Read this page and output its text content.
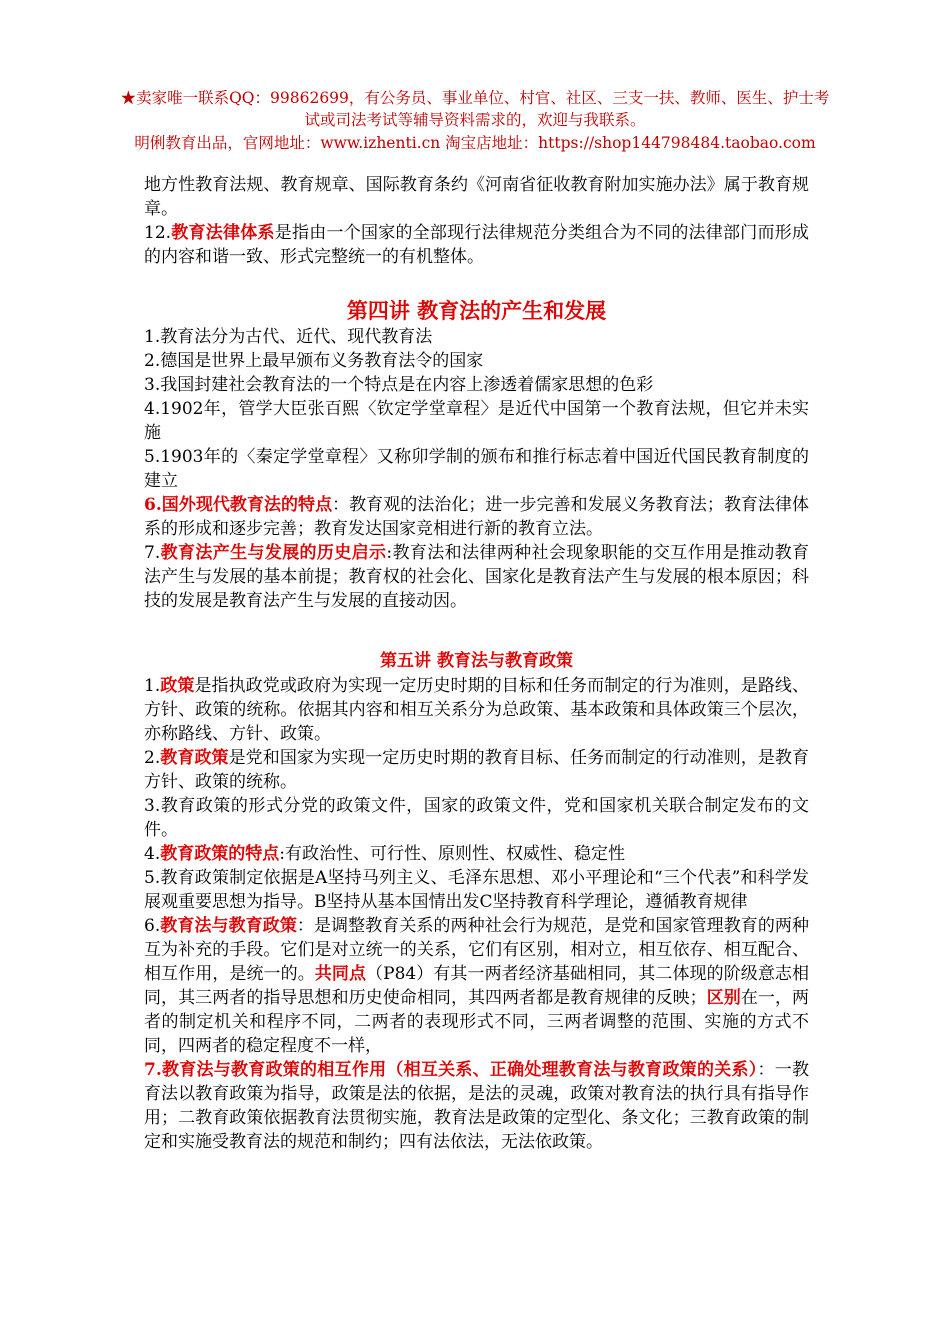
★卖家唯一联系QQ：99862699，有公务员、事业单位、村官、社区、三支一扶、教师、医生、护士考试或司法考试等辅导资料需求的，欢迎与我联系。
明俐教育出品，官网地址：www.izhenti.cn 淘宝店地址：https://shop144798484.taobao.com

地方性教育法规、教育规章、国际教育条约《河南省征收教育附加实施办法》属于教育规章。

12.教育法律体系是指由一个国家的全部现行法律规范分类组合为不同的法律部门而形成的内容和谐一致、形式完整统一的有机整体。

第四讲 教育法的产生和发展

1.教育法分为古代、近代、现代教育法

2.德国是世界上最早颁布义务教育法令的国家

3.我国封建社会教育法的一个特点是在内容上渗透着儒家思想的色彩

4.1902年，管学大臣张百熙〈钦定学堂章程〉是近代中国第一个教育法规，但它并未实施

5.1903年的〈秦定学堂章程〉又称卯学制的颁布和推行标志着中国近代国民教育制度的建立

6.国外现代教育法的特点：教育观的法治化；进一步完善和发展义务教育法；教育法律体系的形成和逐步完善；教育发达国家竞相进行新的教育立法。

7.教育法产生与发展的历史启示:教育法和法律两种社会现象职能的交互作用是推动教育法产生与发展的基本前提；教育权的社会化、国家化是教育法产生与发展的根本原因；科技的发展是教育法产生与发展的直接动因。

第五讲 教育法与教育政策

1.政策是指执政党或政府为实现一定历史时期的目标和任务而制定的行为准则，是路线、方针、政策的统称。依据其内容和相互关系分为总政策、基本政策和具体政策三个层次，亦称路线、方针、政策。

2.教育政策是党和国家为实现一定历史时期的教育目标、任务而制定的行动准则，是教育方针、政策的统称。

3.教育政策的形式分党的政策文件，国家的政策文件，党和国家机关联合制定发布的文件。

4.教育政策的特点:有政治性、可行性、原则性、权威性、稳定性

5.教育政策制定依据是A坚持马列主义、毛泽东思想、邓小平理论和“三个代表”和科学发展观重要思想为指导。B坚持从基本国情出发C坚持教育科学理论，遵循教育规律

6.教育法与教育政策：是调整教育关系的两种社会行为规范，是党和国家管理教育的两种互为补充的手段。它们是对立统一的关系，它们有区别，相对立，相互依存、相互配合、相互作用，是统一的。共同点（P84）有其一两者经济基础相同，其二体现的阶级意志相同，其三两者的指导思想和历史使命相同，其四两者都是教育规律的反映；区别在一，两者的制定机关和程序不同，二两者的表现形式不同，三两者调整的范围、实施的方式不同，四两者的稳定程度不一样，

7.教育法与教育政策的相互作用（相互关系、正确处理教育法与教育政策的关系）：一教育法以教育政策为指导，政策是法的依据，是法的灵魂，政策对教育法的执行具有指导作用；二教育政策依据教育法贯彻实施，教育法是政策的定型化、条文化；三教育政策的制定和实施受教育法的规范和制约；四有法依法，无法依政策。
